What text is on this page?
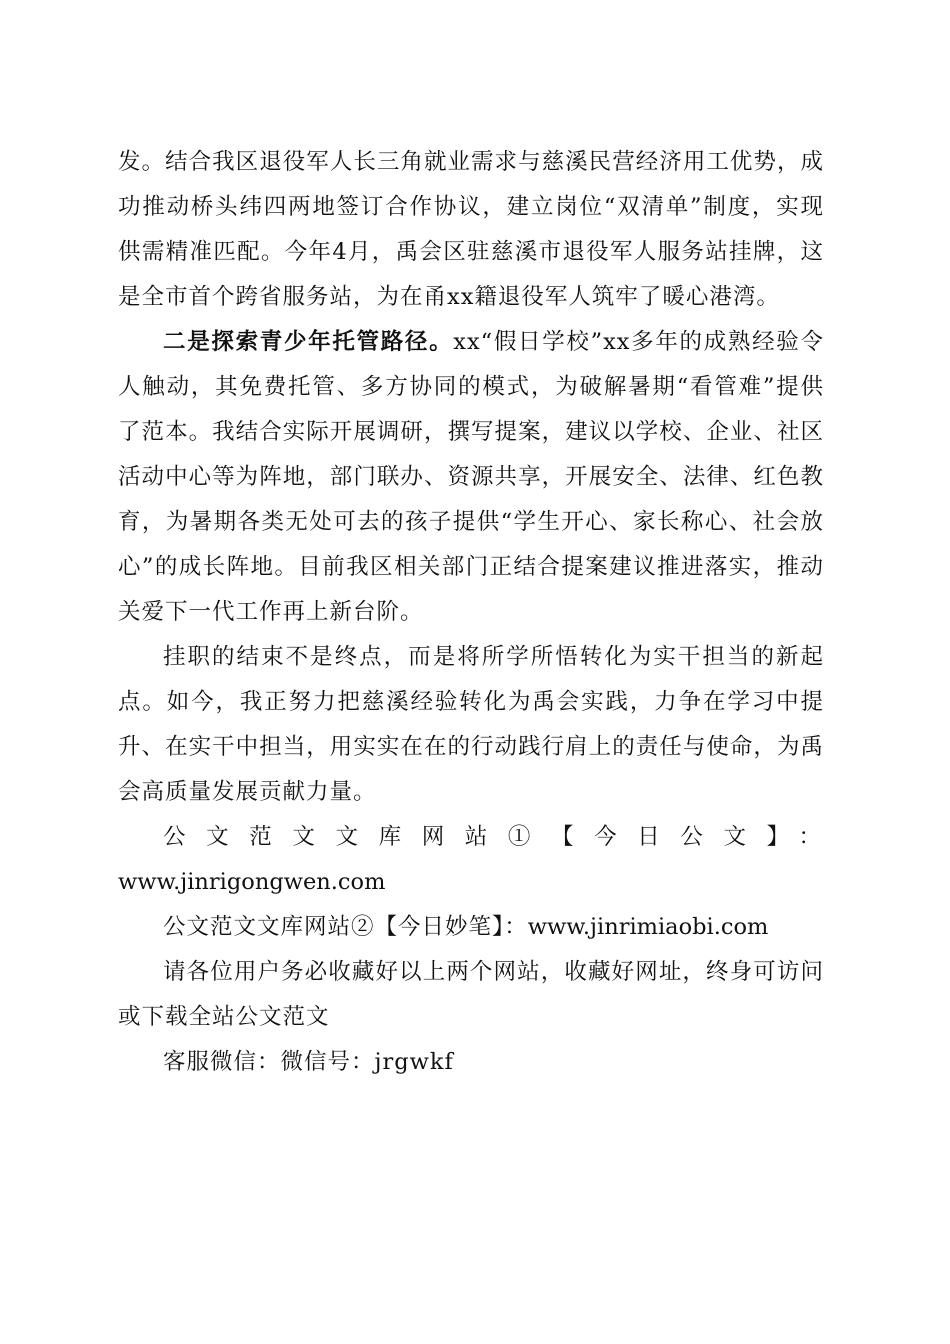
发。结合我区退役军人长三角就业需求与慈溪民营经济用工优势，成功推动桥头纬四两地签订合作协议，建立岗位“双清单”制度，实现供需精准匹配。今年4月，禹会区驻慈溪市退役军人服务站挂牌，这是全市首个跨省服务站，为在甬xx籍退役军人筑牢了暖心港湾。

二是探索青少年托管路径。xx“假日学校”xx多年的成熟经验令人触动，其免费托管、多方协同的模式，为破解暑期“看管难”提供了范本。我结合实际开展调研，撰写提案，建议以学校、企业、社区活动中心等为阵地，部门联办、资源共享，开展安全、法律、红色教育，为暑期各类无处可去的孩子提供“学生开心、家长称心、社会放心”的成长阵地。目前我区相关部门正结合提案建议推进落实，推动关爱下一代工作再上新台阶。

挂职的结束不是终点，而是将所学所悟转化为实干担当的新起点。如今，我正努力把慈溪经验转化为禹会实践，力争在学习中提升、在实干中担当，用实实在在的行动践行肩上的责任与使命，为禹会高质量发展贡献力量。

公文范文文库网站①【今日公文】： www.jinrigongwen.com

公文范文文库网站②【今日妙笔】：www.jinrimiaobi.com

请各位用户务必收藏好以上两个网站，收藏好网址，终身可访问或下载全站公文范文

客服微信：微信号：jrgwkf
